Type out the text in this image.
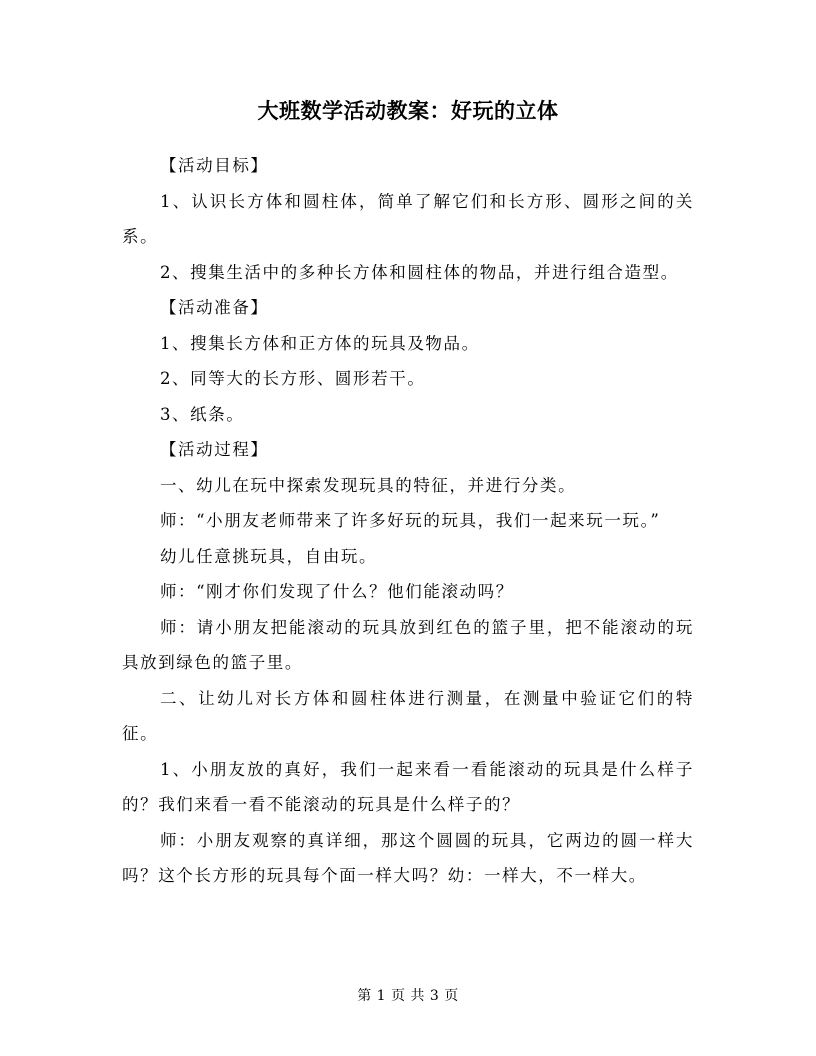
大班数学活动教案：好玩的立体

【活动目标】

1、认识长方体和圆柱体，简单了解它们和长方形、圆形之间的关系。

2、搜集生活中的多种长方体和圆柱体的物品，并进行组合造型。

【活动准备】

1、搜集长方体和正方体的玩具及物品。

2、同等大的长方形、圆形若干。

3、纸条。

【活动过程】

一、幼儿在玩中探索发现玩具的特征，并进行分类。

师：“小朋友老师带来了许多好玩的玩具，我们一起来玩一玩。”

幼儿任意挑玩具，自由玩。

师：“刚才你们发现了什么？他们能滚动吗？

师：请小朋友把能滚动的玩具放到红色的篮子里，把不能滚动的玩具放到绿色的篮子里。

二、让幼儿对长方体和圆柱体进行测量，在测量中验证它们的特征。

1、小朋友放的真好，我们一起来看一看能滚动的玩具是什么样子的？我们来看一看不能滚动的玩具是什么样子的？

师：小朋友观察的真详细，那这个圆圆的玩具，它两边的圆一样大吗？这个长方形的玩具每个面一样大吗？幼：一样大，不一样大。

第 1 页 共 3 页
